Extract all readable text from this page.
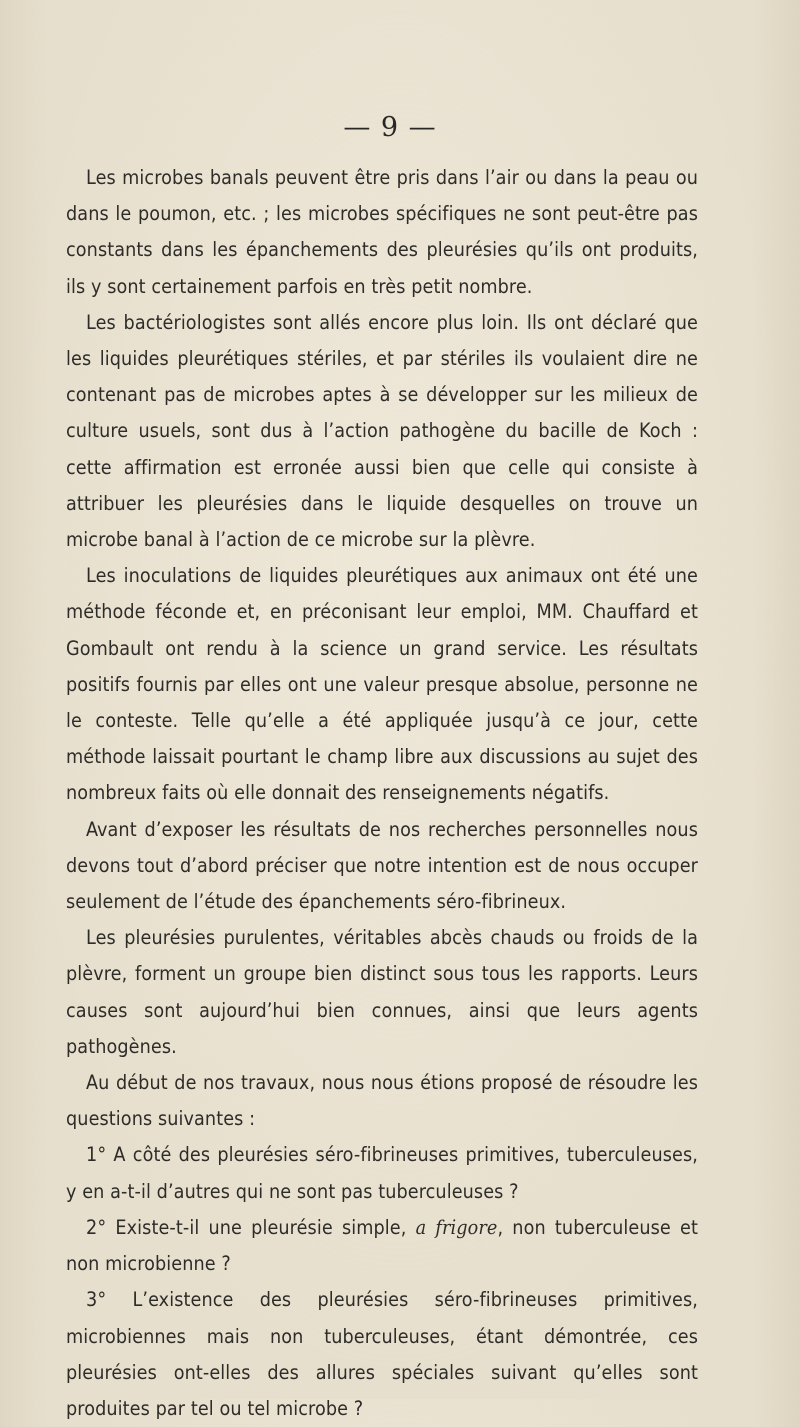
— 9 —

Les microbes banals peuvent être pris dans l’air ou dans la peau ou dans le poumon, etc. ; les microbes spécifiques ne sont peut-être pas constants dans les épanchements des pleurésies qu’ils ont produits, ils y sont certainement parfois en très petit nombre.

Les bactériologistes sont allés encore plus loin. Ils ont déclaré que les liquides pleurétiques stériles, et par stériles ils voulaient dire ne contenant pas de microbes aptes à se développer sur les milieux de culture usuels, sont dus à l’action pathogène du bacille de Koch : cette affirmation est erronée aussi bien que celle qui consiste à attribuer les pleurésies dans le liquide desquelles on trouve un microbe banal à l’action de ce microbe sur la plèvre.

Les inoculations de liquides pleurétiques aux animaux ont été une méthode féconde et, en préconisant leur emploi, MM. Chauffard et Gombault ont rendu à la science un grand service. Les résultats positifs fournis par elles ont une valeur presque absolue, personne ne le conteste. Telle qu’elle a été appliquée jusqu’à ce jour, cette méthode laissait pourtant le champ libre aux discussions au sujet des nombreux faits où elle donnait des renseignements négatifs.

Avant d’exposer les résultats de nos recherches personnelles nous devons tout d’abord préciser que notre intention est de nous occuper seulement de l’étude des épanchements séro-fibrineux.

Les pleurésies purulentes, véritables abcès chauds ou froids de la plèvre, forment un groupe bien distinct sous tous les rapports. Leurs causes sont aujourd’hui bien connues, ainsi que leurs agents pathogènes.

Au début de nos travaux, nous nous étions proposé de résoudre les questions suivantes :

1° A côté des pleurésies séro-fibrineuses primitives, tuberculeuses, y en a-t-il d’autres qui ne sont pas tuberculeuses ?

2° Existe-t-il une pleurésie simple, a frigore, non tuberculeuse et non microbienne ?

3° L’existence des pleurésies séro-fibrineuses primitives, microbiennes mais non tuberculeuses, étant démontrée, ces pleurésies ont-elles des allures spéciales suivant qu’elles sont produites par tel ou tel microbe ?
